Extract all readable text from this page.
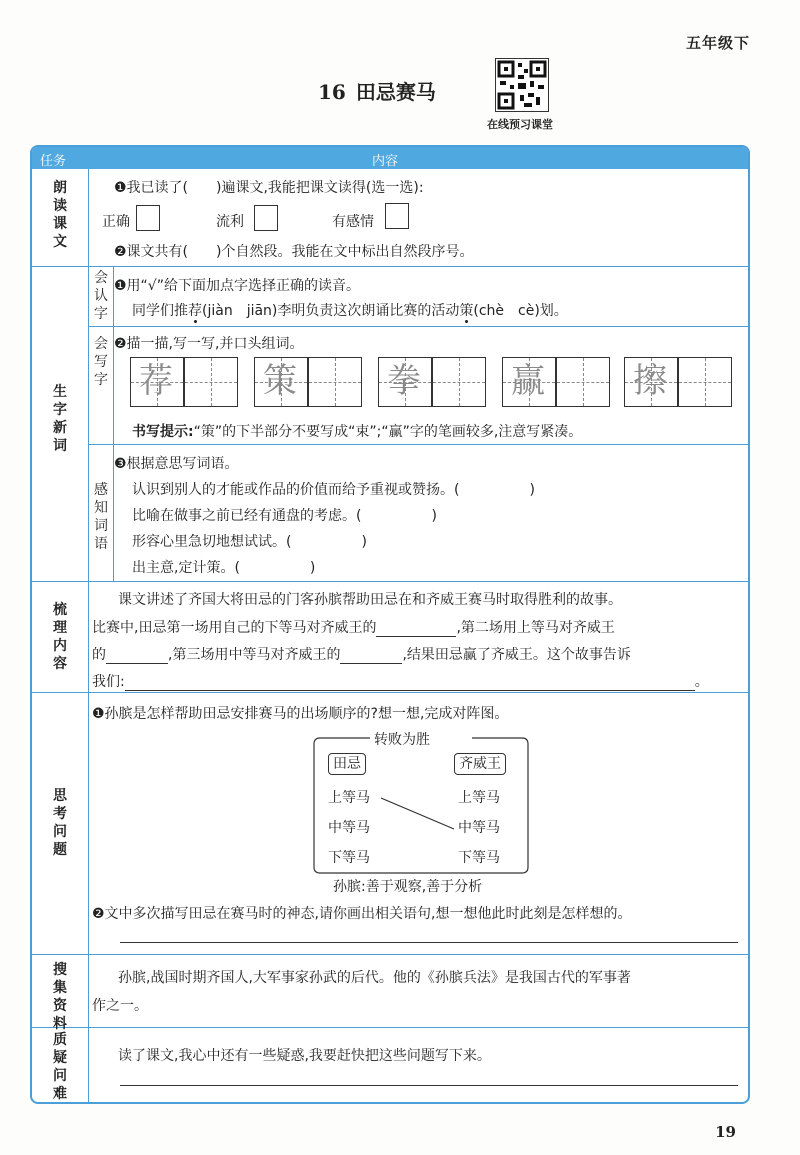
五年级下
16 田忌赛马
在线预习课堂
任务	内容
朗读课文
❶我已读了(　　)遍课文,我能把课文读得(选一选):
正确	流利	有感情
❷课文共有(　　)个自然段。我能在文中标出自然段序号。
生字新词
会认字
❶用“√”给下面加点字选择正确的读音。
同学们推荐(jiàn　jiān)李明负责这次朗诵比赛的活动策(chè　cè)划。
会写字
❷描一描,写一写,并口头组词。
荐	策	拳	赢	擦
书写提示:“策”的下半部分不要写成“束”;“赢”字的笔画较多,注意写紧凑。
感知词语
❸根据意思写词语。
认识到别人的才能或作品的价值而给予重视或赞扬。(　　　　　)
比喻在做事之前已经有通盘的考虑。(　　　　　)
形容心里急切地想试试。(　　　　　)
出主意,定计策。(　　　　　)
梳理内容
课文讲述了齐国大将田忌的门客孙膑帮助田忌在和齐威王赛马时取得胜利的故事。
比赛中,田忌第一场用自己的下等马对齐威王的	,第二场用上等马对齐威王
的	,第三场用中等马对齐威王的	,结果田忌赢了齐威王。这个故事告诉
我们:	。
思考问题
❶孙膑是怎样帮助田忌安排赛马的出场顺序的?想一想,完成对阵图。
转败为胜
田忌	齐威王
上等马
中等马
下等马
上等马
中等马
下等马
孙膑:善于观察,善于分析
❷文中多次描写田忌在赛马时的神态,请你画出相关语句,想一想他此时此刻是怎样想的。
搜集资料
孙膑,战国时期齐国人,大军事家孙武的后代。他的《孙膑兵法》是我国古代的军事著
作之一。
质疑问难
读了课文,我心中还有一些疑惑,我要赶快把这些问题写下来。
19
